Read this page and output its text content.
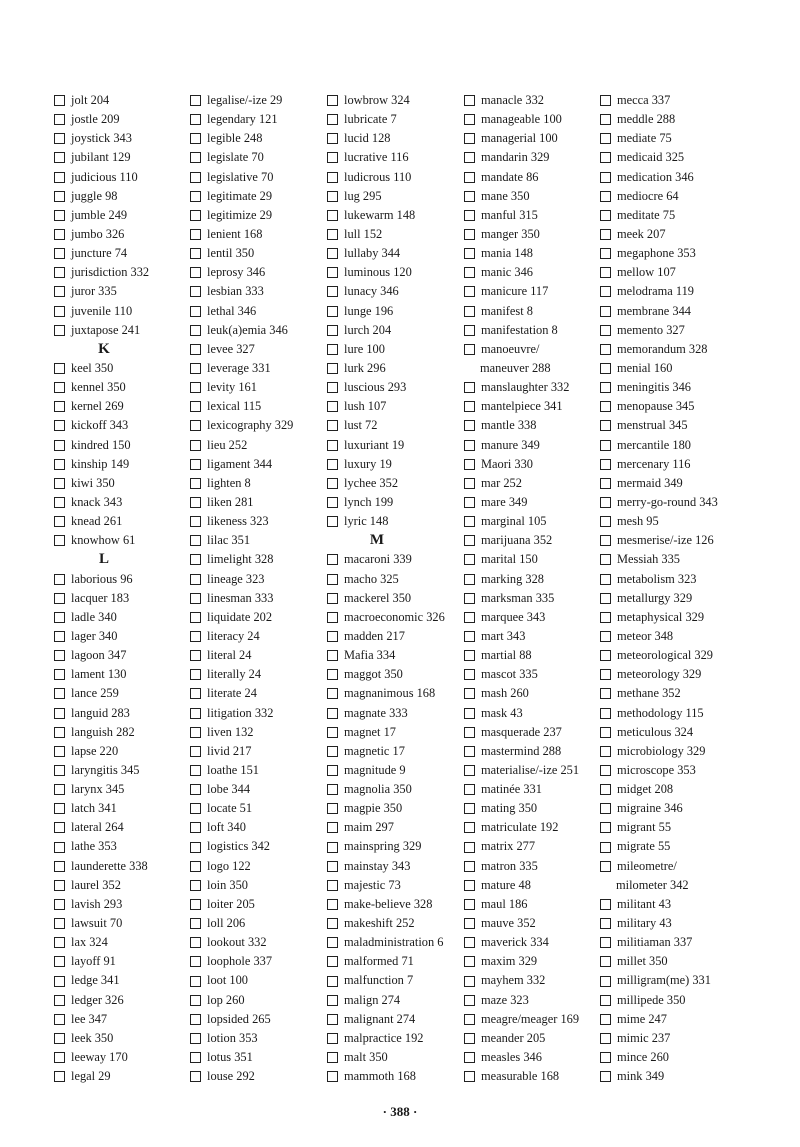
jolt 204
jostle 209
joystick 343
jubilant 129
judicious 110
juggle 98
jumble 249
jumbo 326
juncture 74
jurisdiction 332
juror 335
juvenile 110
juxtapose 241
K
keel 350
kennel 350
kernel 269
kickoff 343
kindred 150
kinship 149
kiwi 350
knack 343
knead 261
knowhow 61
L
laborious 96
lacquer 183
ladle 340
lager 340
lagoon 347
lament 130
lance 259
languid 283
languish 282
lapse 220
laryngitis 345
larynx 345
latch 341
lateral 264
lathe 353
launderette 338
laurel 352
lavish 293
lawsuit 70
lax 324
layoff 91
ledge 341
ledger 326
lee 347
leek 350
leeway 170
legal 29
legalise/-ize 29
legendary 121
legible 248
legislate 70
legislative 70
legitimate 29
legitimize 29
lenient 168
lentil 350
leprosy 346
lesbian 333
lethal 346
leuk(a)emia 346
levee 327
leverage 331
levity 161
lexical 115
lexicography 329
lieu 252
ligament 344
lighten 8
liken 281
likeness 323
lilac 351
limelight 328
lineage 323
linesman 333
liquidate 202
literacy 24
literal 24
literally 24
literate 24
litigation 332
liven 132
livid 217
loathe 151
lobe 344
locate 51
loft 340
logistics 342
logo 122
loin 350
loiter 205
loll 206
lookout 332
loophole 337
loot 100
lop 260
lopsided 265
lotion 353
lotus 351
louse 292
lowbrow 324
lubricate 7
lucid 128
lucrative 116
ludicrous 110
lug 295
lukewarm 148
lull 152
lullaby 344
luminous 120
lunacy 346
lunge 196
lurch 204
lure 100
lurk 296
luscious 293
lush 107
lust 72
luxuriant 19
luxury 19
lychee 352
lynch 199
lyric 148
M
macaroni 339
macho 325
mackerel 350
macroeconomic 326
madden 217
Mafia 334
maggot 350
magnanimous 168
magnate 333
magnet 17
magnetic 17
magnitude 9
magnolia 350
magpie 350
maim 297
mainspring 329
mainstay 343
majestic 73
make-believe 328
makeshift 252
maladministration 6
malformed 71
malfunction 7
malign 274
malignant 274
malpractice 192
malt 350
mammoth 168
manacle 332
manageable 100
managerial 100
mandarin 329
mandate 86
mane 350
manful 315
manger 350
mania 148
manic 346
manicure 117
manifest 8
manifestation 8
manoeuvre/
maneuver 288
manslaughter 332
mantelpiece 341
mantle 338
manure 349
Maori 330
mar 252
mare 349
marginal 105
marijuana 352
marital 150
marking 328
marksman 335
marquee 343
mart 343
martial 88
mascot 335
mash 260
mask 43
masquerade 237
mastermind 288
materialise/-ize 251
matinée 331
mating 350
matriculate 192
matrix 277
matron 335
mature 48
maul 186
mauve 352
maverick 334
maxim 329
mayhem 332
maze 323
meagre/meager 169
meander 205
measles 346
measurable 168
mecca 337
meddle 288
mediate 75
medicaid 325
medication 346
mediocre 64
meditate 75
meek 207
megaphone 353
mellow 107
melodrama 119
membrane 344
memento 327
memorandum 328
menial 160
meningitis 346
menopause 345
menstrual 345
mercantile 180
mercenary 116
mermaid 349
merry-go-round 343
mesh 95
mesmerise/-ize 126
Messiah 335
metabolism 323
metallurgy 329
metaphysical 329
meteor 348
meteorological 329
meteorology 329
methane 352
methodology 115
meticulous 324
microbiology 329
microscope 353
midget 208
migraine 346
migrant 55
migrate 55
mileometre/
milometer 342
militant 43
military 43
militiaman 337
millet 350
milligram(me) 331
millipede 350
mime 247
mimic 237
mince 260
mink 349
· 388 ·
